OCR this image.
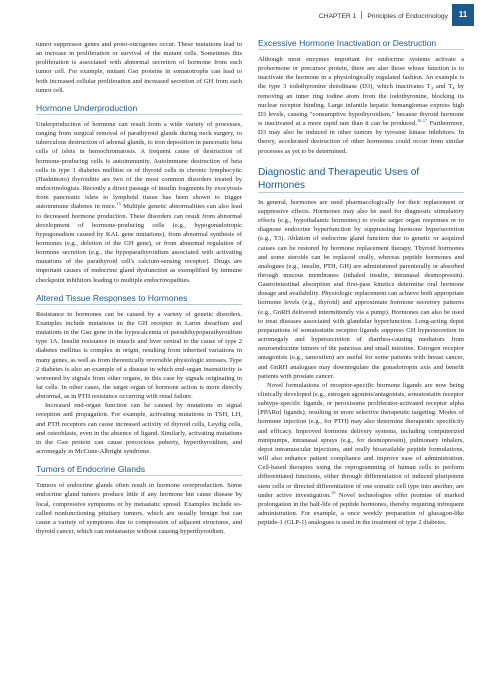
CHAPTER 1 Principles of Endocrinology	11

tumor suppressor genes and proto-oncogenes occur. These mutations lead to an increase in proliferation or survival of the mutant cells. Sometimes this proliferation is associated with abnormal secretion of hormone from each tumor cell. For example, mutant Gsα proteins in somatotrophs can lead to both increased cellular proliferation and increased secretion of GH from each tumor cell.

Hormone Underproduction

Underproduction of hormone can result from a wide variety of processes, ranging from surgical removal of parathyroid glands during neck surgery, to tuberculous destruction of adrenal glands, to iron deposition in pancreatic beta cells of islets in hemochromatosis. A frequent cause of destruction of hormone-producing cells is autoimmunity. Autoimmune destruction of beta cells in type 1 diabetes mellitus or of thyroid cells in chronic lymphocytic (Hashimoto) thyroiditis are two of the most common disorders treated by endocrinologists. Recently a direct passage of insulin fragments by exocytosis from pancreatic islets to lymphoid tissue has been shown to trigger autoimmune diabetes in mice.$^{15}$ Multiple genetic abnormalities can also lead to decreased hormone production. These disorders can result from abnormal development of hormone-producing cells (e.g., hypogonadotropic hypogonadism caused by KAL gene mutations), from abnormal synthesis of hormones (e.g., deletion of the GH gene), or from abnormal regulation of hormone secretion (e.g., the hypoparathyroidism associated with activating mutations of the parathyroid cell's calcium-sensing receptor). Drugs are important causes of endocrine gland dysfunction as exemplified by immune checkpoint inhibitors leading to multiple endocrinopathies.

Altered Tissue Responses to Hormones

Resistance to hormones can be caused by a variety of genetic disorders. Examples include mutations in the GH receptor in Laron dwarfism and mutations in the Gsα gene in the hypocalcemia of pseudohypoparathyroidism type 1A. Insulin resistance in muscle and liver central to the cause of type 2 diabetes mellitus is complex in origin, resulting from inherited variations in many genes, as well as from theoretically reversible physiologic stresses. Type 2 diabetes is also an example of a disease in which end-organ insensitivity is worsened by signals from other organs, in this case by signals originating in fat cells. In other cases, the target organ of hormone action is more directly abnormal, as in PTH resistance occurring with renal failure.

Increased end-organ function can be caused by mutations in signal reception and propagation. For example, activating mutations in TSH, LH, and PTH receptors can cause increased activity of thyroid cells, Leydig cells, and osteoblasts, even in the absence of ligand. Similarly, activating mutations in the Gsα protein can cause precocious puberty, hyperthyroidism, and acromegaly in McCune-Albright syndrome.

Tumors of Endocrine Glands

Tumors of endocrine glands often result in hormone overproduction. Some endocrine gland tumors produce little if any hormone but cause disease by local, compressive symptoms or by metastatic spread. Examples include so-called nonfunctioning pituitary tumors, which are usually benign but can cause a variety of symptoms due to compression of adjacent structures, and thyroid cancer, which can metastasize without causing hyperthyroidism.

Excessive Hormone Inactivation or Destruction

Although most enzymes important for endocrine systems activate a prohormone or precursor protein, there are also those whose function is to inactivate the hormone in a physiologically regulated fashion. An example is the type 3 iodothyronine deiodinase (D3), which inactivates $T_3$ and $T_4$ by removing an inner ring iodine atom from the iodothyronine, blocking its nuclear receptor binding. Large infantile hepatic hemangiomas express high D3 levels, causing "consumptive hypothyroidism," because thyroid hormone is inactivated at a more rapid rate than it can be produced.$^{16,17}$ Furthermore, D3 may also be induced in other tumors by tyrosine kinase inhibitors. In theory, accelerated destruction of other hormones could occur from similar processes as yet to be determined.

Diagnostic and Therapeutic Uses of
Hormones

In general, hormones are used pharmacologically for their replacement or suppressive effects. Hormones may also be used for diagnostic stimulatory effects (e.g., hypothalamic hormones) to evoke target organ responses or to diagnose endocrine hyperfunction by suppressing hormone hypersecretion (e.g., T3). Ablation of endocrine gland function due to genetic or acquired causes can be restored by hormone replacement therapy. Thyroid hormones and some steroids can be replaced orally, whereas peptide hormones and analogues (e.g., insulin, PTH, GH) are administered parenterally or absorbed through mucous membranes (inhaled insulin, intranasal desmopressin). Gastrointestinal absorption and first-pass kinetics determine oral hormone dosage and availability. Physiologic replacement can achieve both appropriate hormone levels (e.g., thyroid) and approximate hormone secretory patterns (e.g., GnRH delivered intermittently via a pump). Hormones can also be used to treat diseases associated with glandular hyperfunction. Long-acting depot preparations of somatostatin receptor ligands suppress GH hypersecretion in acromegaly and hypersecretion of diarrhea-causing mediators from neuroendocrine tumors of the pancreas and small intestine. Estrogen receptor antagonists (e.g., tamoxifen) are useful for some patients with breast cancer, and GnRH analogues may downregulate the gonadotropin axis and benefit patients with prostate cancer.

Novel formulations of receptor-specific hormone ligands are now being clinically developed (e.g., estrogen agonists/antagonists, somatostatin receptor subtype-specific ligands, or peroxisome proliferator-activated receptor alpha [PPARα] ligands), resulting in more selective therapeutic targeting. Modes of hormone injection (e.g., for PTH) may also determine therapeutic specificity and efficacy. Improved hormone delivery systems, including computerized minipumps, intranasal sprays (e.g., for desmopressin), pulmonary inhalers, depot intramuscular injections, and orally bioavailable peptide formulations, will also enhance patient compliance and improve ease of administration. Cell-based therapies using the reprogramming of human cells to perform differentiated functions, either through differentiation of induced pluripotent stem cells or directed differentiation of one somatic cell type into another, are under active investigation.$^{18}$ Novel technologies offer promise of marked prolongation in the half-life of peptide hormones, thereby requiring infrequent administration. For example, a once weekly preparation of glucagon-like peptide-1 (GLP-1) analogues is used in the treatment of type 2 diabetes.
